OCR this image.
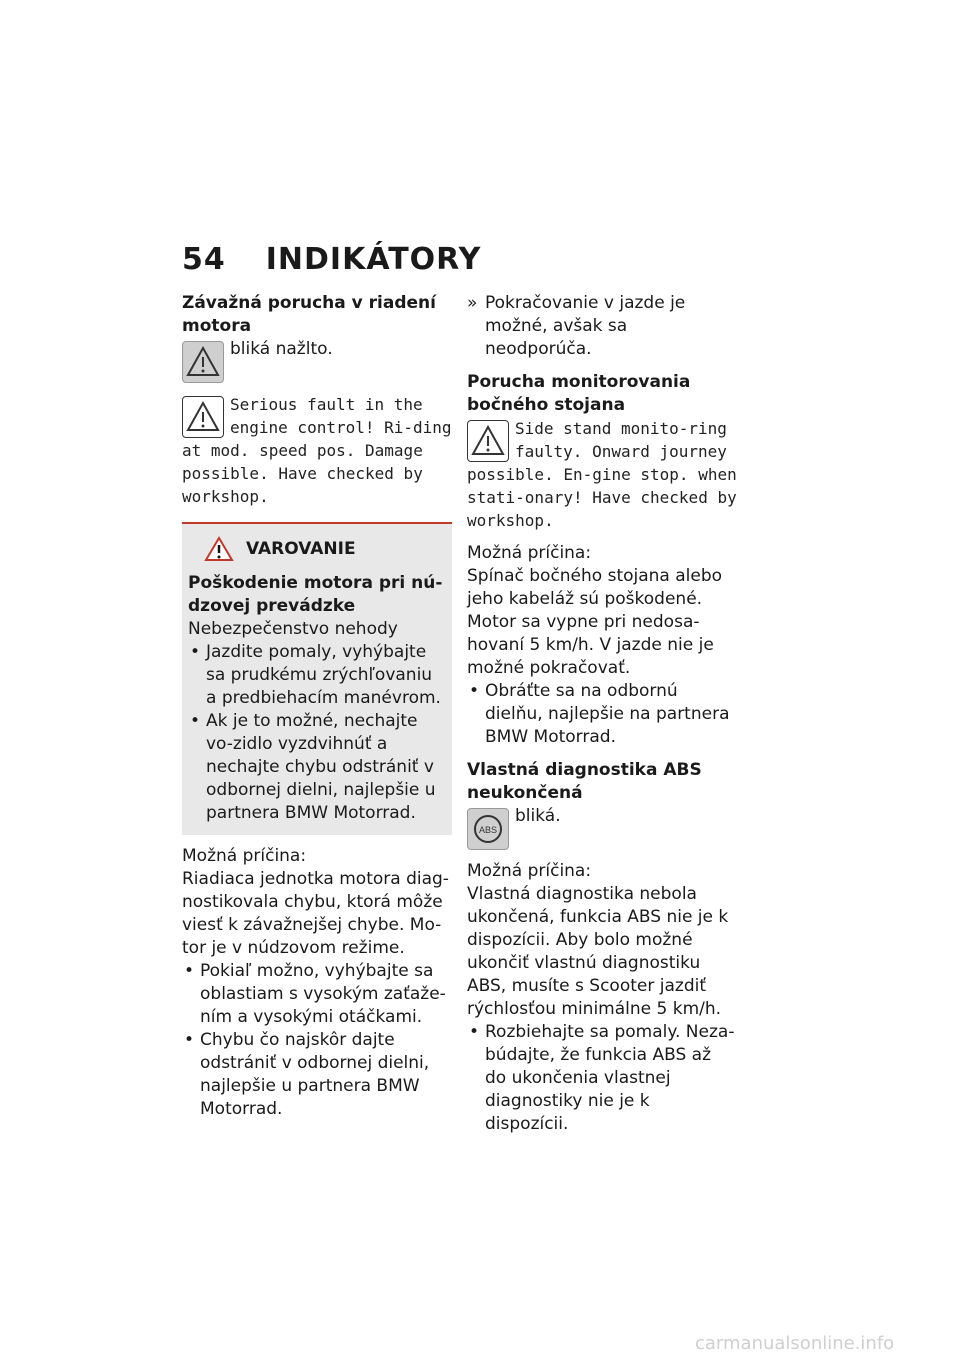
54 INDIKÁTORY
Závažná porucha v riadení motora

bliká nažlto.

Serious fault in the engine control! Ri-ding at mod. speed pos. Damage possible. Have checked by workshop.

VAROVANIE
Poškodenie motora pri nú-dzovej prevádzke

Nebezpečenstvo nehody

• Jazdite pomaly, vyhýbajte sa prudkému zrýchľovaniu a predbiehacím manévrom.
• Ak je to možné, nechajte vo-zidlo vyzdvihnúť a nechajte chybu odstrániť v odbornej dielni, najlepšie u partnera BMW Motorrad.

Možná príčina:

Riadiaca jednotka motora diag-nostikovala chybu, ktorá môže viesť k závažnejšej chybe. Mo-tor je v núdzovom režime.

• Pokiaľ možno, vyhýbajte sa oblastiam s vysokým zaťaže-ním a vysokými otáčkami.
• Chybu čo najskôr dajte odstrániť v odbornej dielni, najlepšie u partnera BMW Motorrad.
» Pokračovanie v jazde je možné, avšak sa neodporúča.
Porucha monitorovania bočného stojana

Side stand monito-ring faulty. Onward journey possible. En-gine stop. when stati-onary! Have checked by workshop.

Možná príčina:

Spínač bočného stojana alebo jeho kabeláž sú poškodené. Motor sa vypne pri nedosa-hovaní 5 km/h. V jazde nie je možné pokračovať.

• Obráťte sa na odbornú dielňu, najlepšie na partnera BMW Motorrad.
Vlastná diagnostika ABS neukončená
ABS

bliká.

Možná príčina:

Vlastná diagnostika nebola ukončená, funkcia ABS nie je k dispozícii. Aby bolo možné ukončiť vlastnú diagnostiku ABS, musíte s Scooter jazdiť rýchlosťou minimálne 5 km/h.

• Rozbiehajte sa pomaly. Neza-búdajte, že funkcia ABS až do ukončenia vlastnej diagnostiky nie je k dispozícii.
carmanualsonline.info
